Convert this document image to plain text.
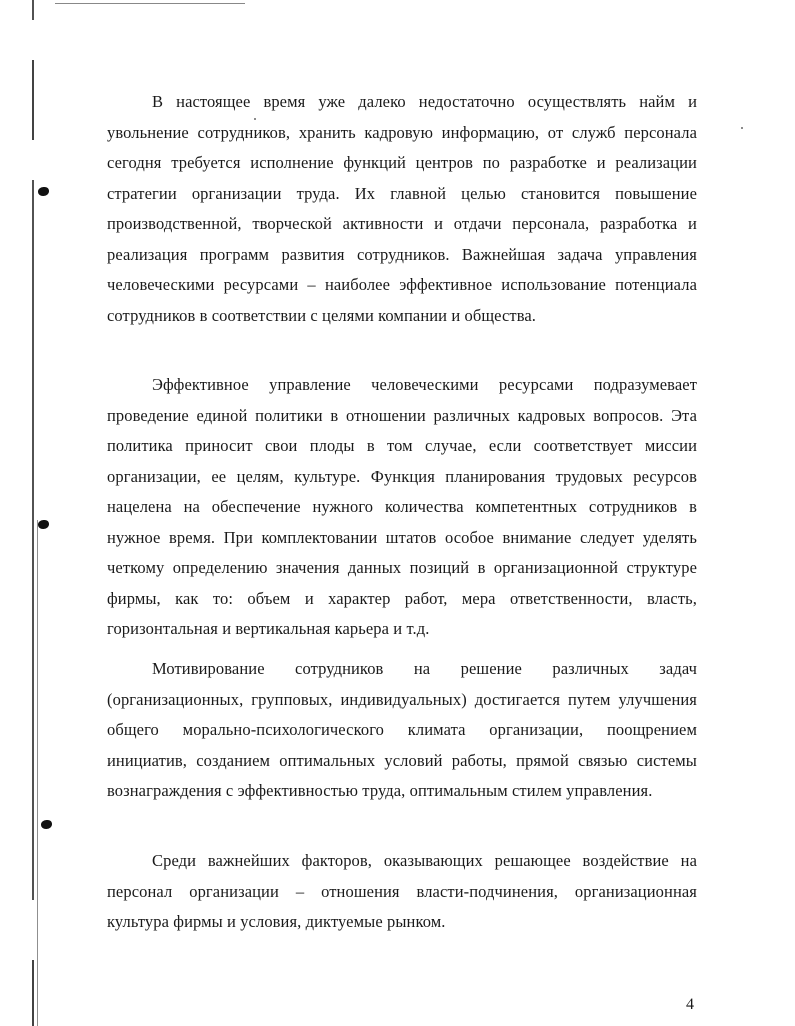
В настоящее время уже далеко недостаточно осуществлять найм и увольнение сотрудников, хранить кадровую информацию, от служб персонала сегодня требуется исполнение функций центров по разработке и реализации стратегии организации труда. Их главной целью становится повышение производственной, творческой активности и отдачи персонала, разработка и реализация программ развития сотрудников. Важнейшая задача управления человеческими ресурсами – наиболее эффективное использование потенциала сотрудников в соответствии с целями компании и общества.

Эффективное управление человеческими ресурсами подразумевает проведение единой политики в отношении различных кадровых вопросов. Эта политика приносит свои плоды в том случае, если соответствует миссии организации, ее целям, культуре. Функция планирования трудовых ресурсов нацелена на обеспечение нужного количества компетентных сотрудников в нужное время. При комплектовании штатов особое внимание следует уделять четкому определению значения данных позиций в организационной структуре фирмы, как то: объем и характер работ, мера ответственности, власть, горизонтальная и вертикальная карьера и т.д.

Мотивирование сотрудников на решение различных задач (организационных, групповых, индивидуальных) достигается путем улучшения общего морально-психологического климата организации, поощрением инициатив, созданием оптимальных условий работы, прямой связью системы вознаграждения с эффективностью труда, оптимальным стилем управления.

Среди важнейших факторов, оказывающих решающее воздействие на персонал организации – отношения власти-подчинения, организационная культура фирмы и условия, диктуемые рынком.

4
